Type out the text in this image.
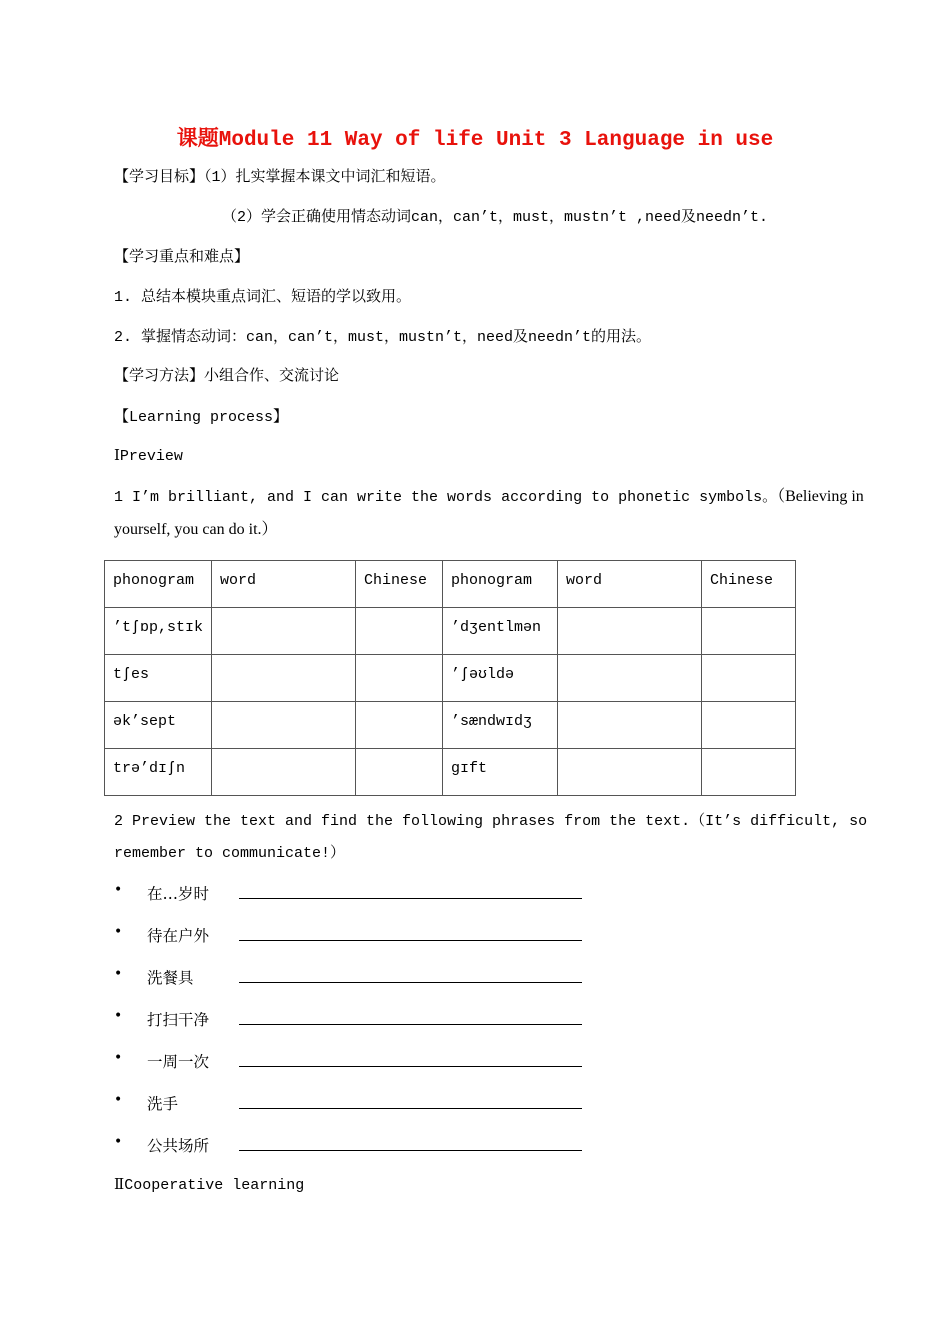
课题Module 11 Way of life Unit 3 Language in use
【学习目标】（1）扎实掌握本课文中词汇和短语。
（2）学会正确使用情态动词can，can’t，must，mustn’t ,need及needn’t.
【学习重点和难点】
1. 总结本模块重点词汇、短语的学以致用。
2. 掌握情态动词：can，can’t，must，mustn’t，need及needn’t的用法。
【学习方法】小组合作、交流讨论
【Learning process】
ⅠPreview
1 I’m brilliant, and I can write the words according to phonetic symbols。（Believing in
yourself, you can do it.）
phonogram	word	Chinese	phonogram	word	Chinese
’tʃɒp,stɪk			’dʒentlmən		
tʃes			’ʃəʊldə		
ək’sept			’sændwɪdʒ		
trə’dɪʃn			gɪft		
2 Preview the text and find the following phrases from the text.（It’s difficult, so
remember to communicate!）
• 在…岁时
• 待在户外
• 洗餐具
• 打扫干净
• 一周一次
• 洗手
• 公共场所
ⅡCooperative learning
